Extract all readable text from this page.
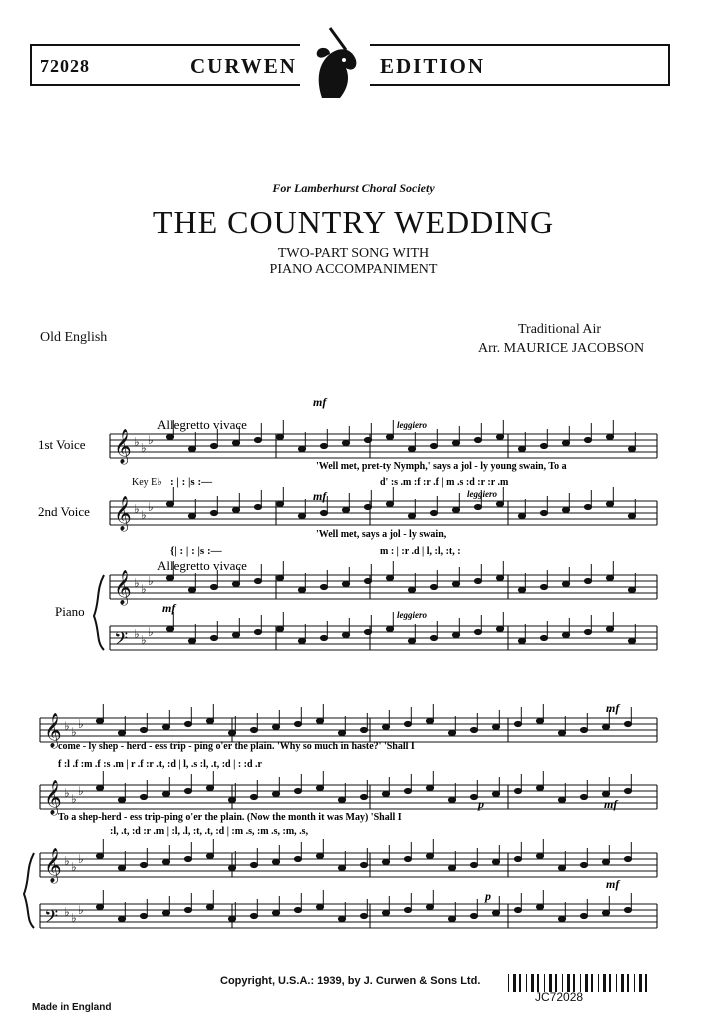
72028	CURWEN	EDITION
For Lamberhurst Choral Society
THE COUNTRY WEDDING
TWO-PART SONG WITH
PIANO ACCOMPANIMENT
Old English
Traditional Air
Arr. MAURICE JACOBSON
𝄞 ♭ ♭
♭
𝄞 ♭ ♭
♭
𝄞 ♭ ♭
♭
𝄢 ♭ ♭
♭
𝄞 ♭ ♭
♭
𝄞 ♭ ♭
♭
𝄞 ♭ ♭
♭
𝄢 ♭ ♭
♭
Allegretto vivace
Allegretto vivace
1st Voice
2nd Voice
Piano
Key E♭
mf
mf
mf
mf
mf
p
p
mf
leggiero
leggiero
leggiero
'Well met, pret-ty Nymph,' says a jol - ly young swain, To a
d' :s .m :f :r .f | m .s :d :r :r .m
'Well met, says a jol - ly swain,
m : | :r .d | l, :l, :t, :
come - ly shep - herd - ess trip - ping o'er the plain. 'Why so much in haste?' 'Shall I
f :l .f :m .f :s .m | r .f :r .t, :d | l, .s :l, .t, :d | : :d .r
To a shep-herd - ess trip-ping o'er the plain. (Now the month it was May) 'Shall I
:l, .t, :d :r .m | :l, .l, :t, .t, :d | :m .s, :m .s, :m, .s,
: | : |s :—
{| : | : |s :—
Copyright, U.S.A.: 1939, by J. Curwen & Sons Ltd.
Made in England
JC72028
